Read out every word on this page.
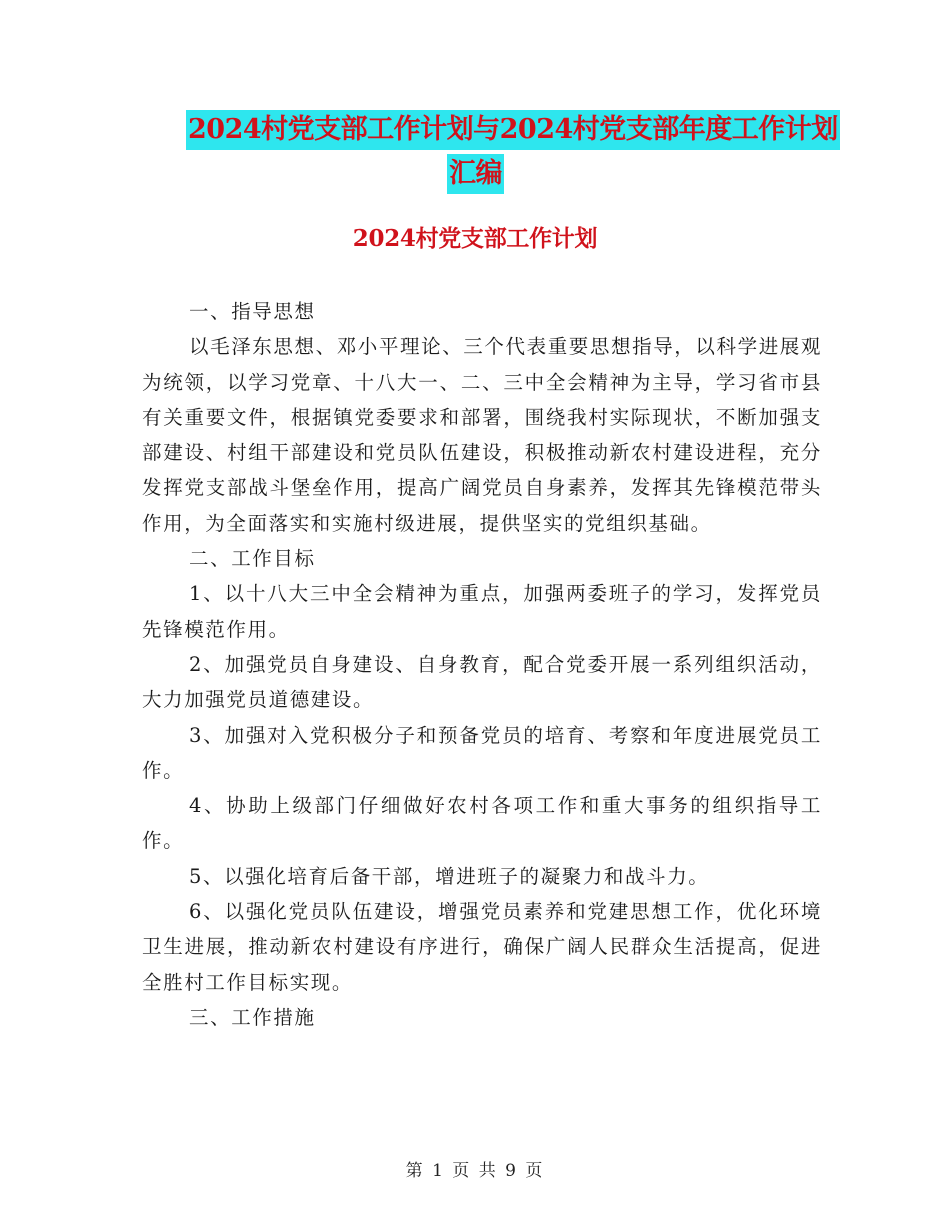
2024村党支部工作计划与2024村党支部年度工作计划
汇编
2024村党支部工作计划

一、指导思想

以毛泽东思想、邓小平理论、三个代表重要思想指导，以科学进展观为统领，以学习党章、十八大一、二、三中全会精神为主导，学习省市县有关重要文件，根据镇党委要求和部署，围绕我村实际现状，不断加强支部建设、村组干部建设和党员队伍建设，积极推动新农村建设进程，充分发挥党支部战斗堡垒作用，提高广阔党员自身素养，发挥其先锋模范带头作用，为全面落实和实施村级进展，提供坚实的党组织基础。

二、工作目标

1、以十八大三中全会精神为重点，加强两委班子的学习，发挥党员先锋模范作用。

2、加强党员自身建设、自身教育，配合党委开展一系列组织活动，大力加强党员道德建设。

3、加强对入党积极分子和预备党员的培育、考察和年度进展党员工作。

4、协助上级部门仔细做好农村各项工作和重大事务的组织指导工作。

5、以强化培育后备干部，增进班子的凝聚力和战斗力。

6、以强化党员队伍建设，增强党员素养和党建思想工作，优化环境卫生进展，推动新农村建设有序进行，确保广阔人民群众生活提高，促进全胜村工作目标实现。

三、工作措施

第 1 页 共 9 页
